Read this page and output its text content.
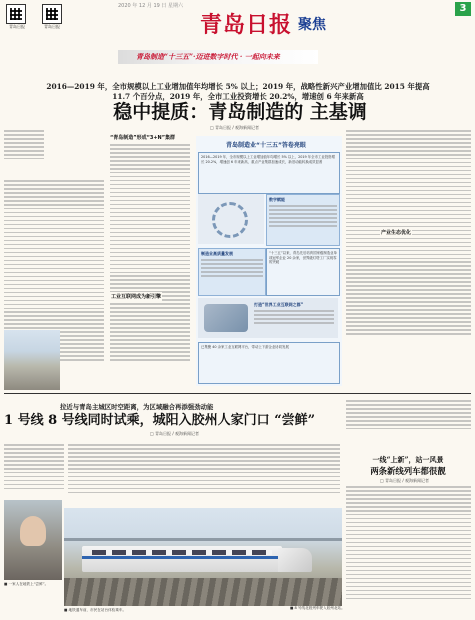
2020 年 12 月 19 日 星期六
青岛日报	青岛日报	青岛日报 聚焦
3
青岛制造“十三五”·迈进数字时代 · 一起向未来
2016—2019 年，全市规模以上工业增加值年均增长 5% 以上；2019 年，战略性新兴产业增加值比 2015 年提高 11.7 个百分点，2019 年，全市工业投资增长 20.2%，增速创 6 年来新高
稳中提质：青岛制造的 主基调
□ 青岛日报 / 观海新闻记者
“青岛制造”形成“3+N”集群
工业互联网成为新引擎
青岛制造业“十三五”答卷亮眼
2016—2019 年，全市规模以上工业增加值年均增长 5% 以上，2019 年全市工业投资增长 20.2%，增速创 6 年来新高，重点产业集群加速成长，新旧动能转换成效显著
数字赋能
制造业高质量发展	“十三五”以来，青岛先后培育国家级制造业单项冠军企业 20 余家，世界级灯塔工厂实现零的突破
打造“世界工业互联网之都”
已集聚 40 余家工业互联网平台，带动上下游企业协同发展
产业生态优化
拉近与青岛主城区时空距离，为区域融合再添强劲动能
1 号线 8 号线同时试乘，城阳入胶州人家门口 “尝鲜”
□ 青岛日报 / 观海新闻记者
■ 一家人在地铁上“尝鲜”。
■ 8 号线北段列车驶入胶州北站。
■ 地铁通车前，市民在站台体验乘车。
一线“上新”，站一风景
两条新线列车都很靓
□ 青岛日报 / 观海新闻记者
